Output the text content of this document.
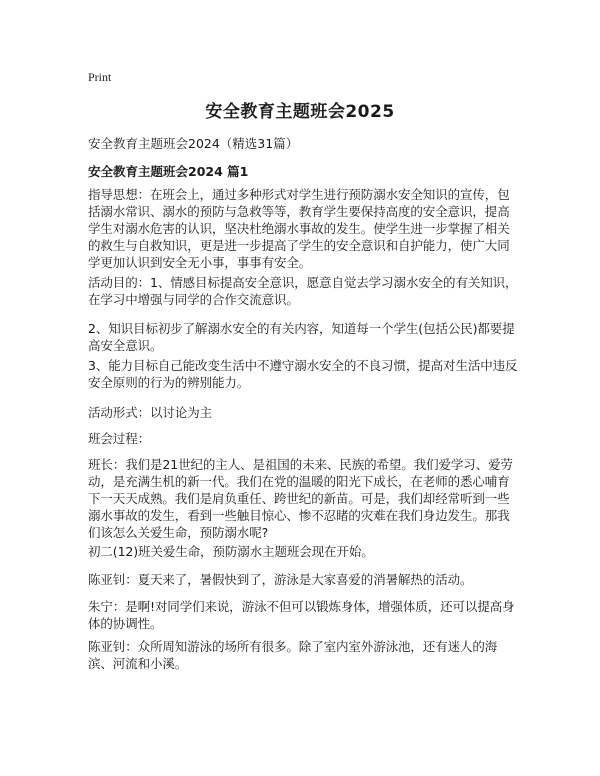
Print
安全教育主题班会2025

安全教育主题班会2024（精选31篇）

安全教育主题班会2024 篇1

指导思想：在班会上，通过多种形式对学生进行预防溺水安全知识的宣传，包括溺水常识、溺水的预防与急救等等，教育学生要保持高度的安全意识，提高学生对溺水危害的认识，坚决杜绝溺水事故的发生。使学生进一步掌握了相关的救生与自救知识，更是进一步提高了学生的安全意识和自护能力，使广大同学更加认识到安全无小事，事事有安全。

活动目的：1、情感目标提高安全意识，愿意自觉去学习溺水安全的有关知识，在学习中增强与同学的合作交流意识。

2、知识目标初步了解溺水安全的有关内容，知道每一个学生(包括公民)都要提高安全意识。

3、能力目标自己能改变生活中不遵守溺水安全的不良习惯，提高对生活中违反安全原则的行为的辨别能力。

活动形式：以讨论为主

班会过程：

班长：我们是21世纪的主人、是祖国的未来、民族的希望。我们爱学习、爱劳动，是充满生机的新一代。我们在党的温暖的阳光下成长，在老师的悉心哺育下一天天成熟。我们是肩负重任、跨世纪的新苗。可是，我们却经常听到一些溺水事故的发生，看到一些触目惊心、惨不忍睹的灾难在我们身边发生。那我们该怎么关爱生命，预防溺水呢?

初二(12)班关爱生命，预防溺水主题班会现在开始。

陈亚钊：夏天来了，暑假快到了，游泳是大家喜爱的消暑解热的活动。

朱宁：是啊!对同学们来说，游泳不但可以锻炼身体，增强体质，还可以提高身体的协调性。

陈亚钊：众所周知游泳的场所有很多。除了室内室外游泳池，还有迷人的海滨、河流和小溪。
